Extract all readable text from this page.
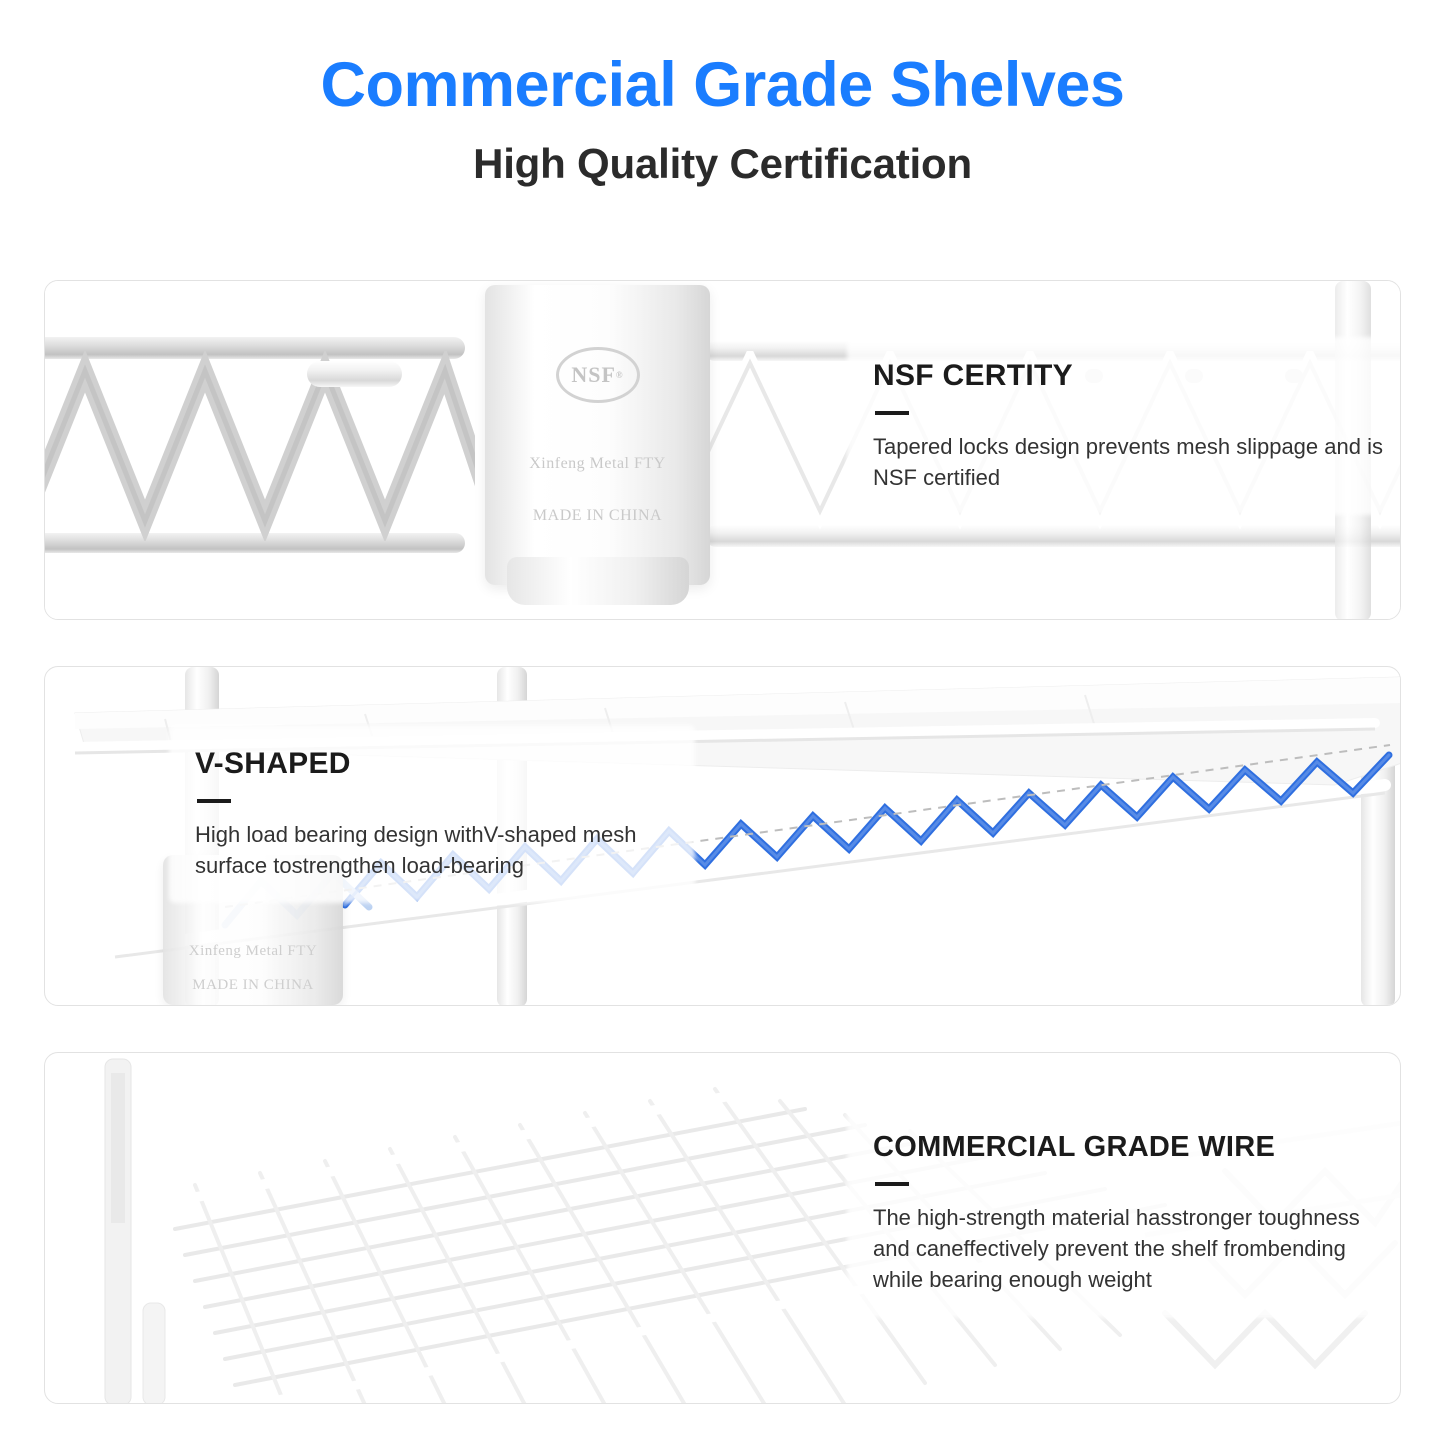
Commercial Grade Shelves
High Quality Certification
NSF ®
Xinfeng Metal FTY
MADE IN CHINA

NSF CERTITY

Tapered locks design prevents mesh slippage and is NSF certified

Xinfeng Metal FTY
MADE IN CHINA

V-SHAPED

High load bearing design withV-shaped mesh surface tostrengthen load-bearing

COMMERCIAL GRADE WIRE

The high-strength material hasstronger toughness and caneffectively prevent the shelf frombending while bearing enough weight
